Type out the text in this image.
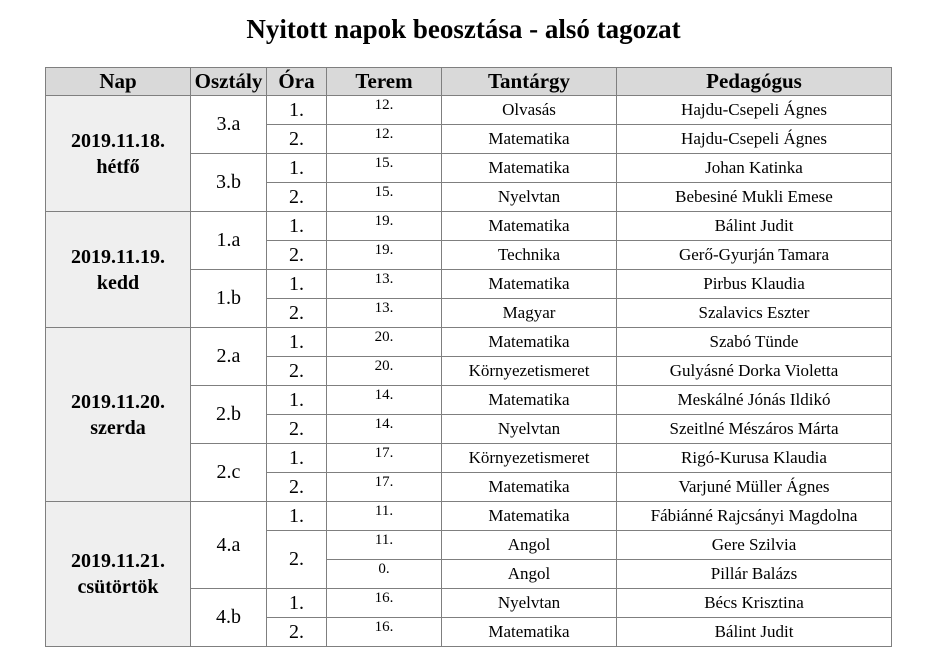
Nyitott napok beosztása - alsó tagozat
Nap	Osztály	Óra	Terem	Tantárgy	Pedagógus

2019.11.18.
hétfő	3.a	1.	12.	Olvasás	Hajdu-Csepeli Ágnes
		2.	12.	Matematika	Hajdu-Csepeli Ágnes
	3.b	1.	15.	Matematika	Johan Katinka
		2.	15.	Nyelvtan	Bebesiné Mukli Emese

2019.11.19.
kedd	1.a	1.	19.	Matematika	Bálint Judit
		2.	19.	Technika	Gerő-Gyurján Tamara
	1.b	1.	13.	Matematika	Pirbus Klaudia
		2.	13.	Magyar	Szalavics Eszter

2019.11.20.
szerda	2.a	1.	20.	Matematika	Szabó Tünde
		2.	20.	Környezetismeret	Gulyásné Dorka Violetta
	2.b	1.	14.	Matematika	Meskálné Jónás Ildikó
		2.	14.	Nyelvtan	Szeitlné Mészáros Márta
	2.c	1.	17.	Környezetismeret	Rigó-Kurusa Klaudia
		2.	17.	Matematika	Varjuné Müller Ágnes

2019.11.21.
csütörtök	4.a	1.	11.	Matematika	Fábiánné Rajcsányi Magdolna
		2.	11.	Angol	Gere Szilvia
			0.	Angol	Pillár Balázs
	4.b	1.	16.	Nyelvtan	Bécs Krisztina
		2.	16.	Matematika	Bálint Judit
